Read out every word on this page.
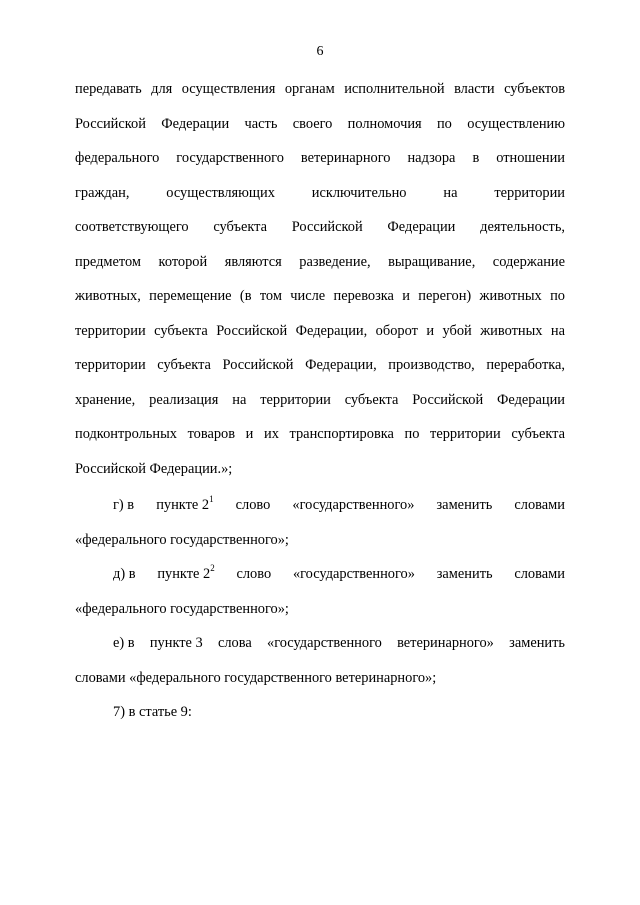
6
передавать для осуществления органам исполнительной власти субъектов
Российской Федерации часть своего полномочия по осуществлению
федерального государственного ветеринарного надзора в отношении
граждан, осуществляющих исключительно на территории
соответствующего субъекта Российской Федерации деятельность,
предметом которой являются разведение, выращивание, содержание
животных, перемещение (в том числе перевозка и перегон) животных по
территории субъекта Российской Федерации, оборот и убой животных на
территории субъекта Российской Федерации, производство, переработка,
хранение, реализация на территории субъекта Российской Федерации
подконтрольных товаров и их транспортировка по территории субъекта
Российской Федерации.»;
г) в пункте $2^1$ слово «государственного» заменить словами
«федерального государственного»;
д) в пункте $2^2$ слово «государственного» заменить словами
«федерального государственного»;
е) в пункте 3 слова «государственного ветеринарного» заменить
словами «федерального государственного ветеринарного»;
7) в статье 9:
